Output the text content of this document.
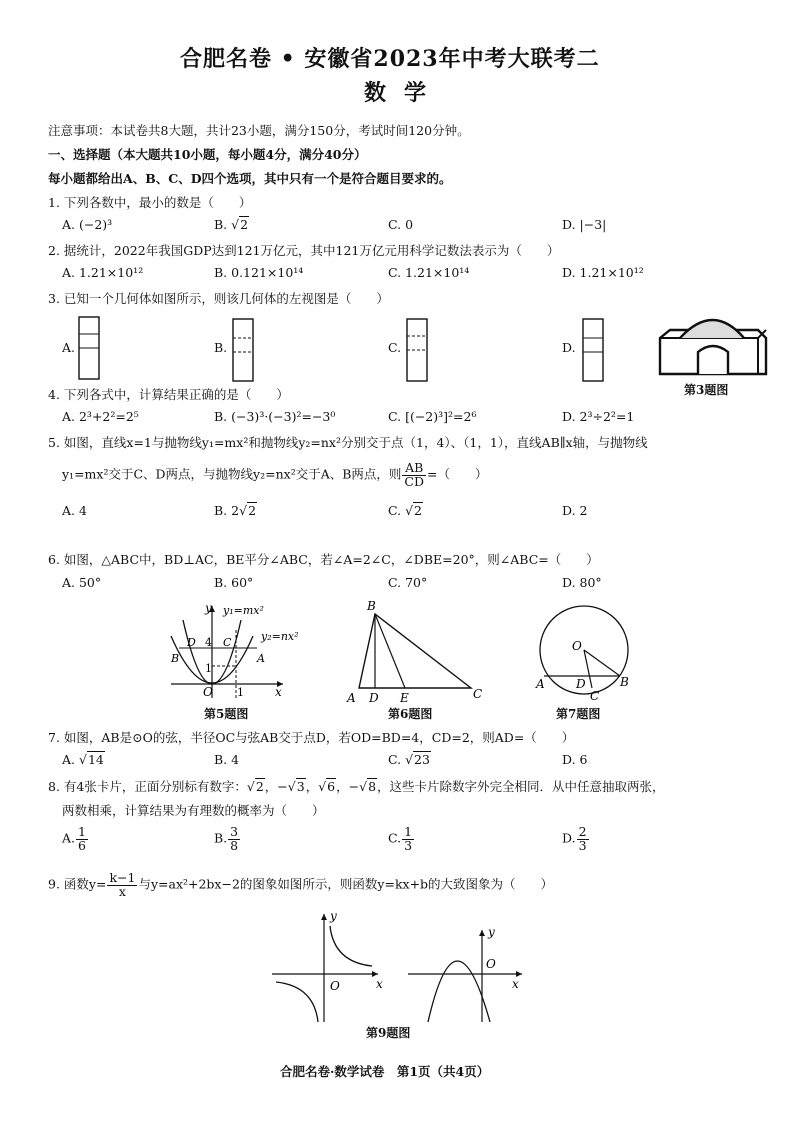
合肥名卷 • 安徽省2023年中考大联考二
数学
注意事项：本试卷共8大题，共计23小题，满分150分，考试时间120分钟。
一、选择题（本大题共10小题，每小题4分，满分40分）
每小题都给出A、B、C、D四个选项，其中只有一个是符合题目要求的。
1. 下列各数中，最小的数是（　　）
A. (−2)³	B. √2	C. 0	D. |−3|
2. 据统计，2022年我国GDP达到121万亿元，其中121万亿元用科学记数法表示为（　　）
A. 1.21×10¹²	B. 0.121×10¹⁴	C. 1.21×10¹⁴	D. 1.21×10¹²
3. 已知一个几何体如图所示，则该几何体的左视图是（　　）
A.	B.	C.	D.
第3题图
4. 下列各式中，计算结果正确的是（　　）
A. 2³+2²=2⁵	B. (−3)³·(−3)²=−3⁰	C. [(−2)³]²=2⁶	D. 2³÷2²=1
5. 如图，直线x=1与抛物线y₁=mx²和抛物线y₂=nx²分别交于点（1，4）、（1，1），直线AB∥x轴，与抛物线
y₁=mx²交于C、D两点，与抛物线y₂=nx²交于A、B两点，则 $\frac{AB}{CD}$ =（　　）
A. 4	B. 2√2	C. √2	D. 2
6. 如图，△ABC中，BD⊥AC，BE平分∠ABC，若∠A=2∠C，∠DBE=20°，则∠ABC=（　　）
A. 50°	B. 60°	C. 70°	D. 80°
y y₁=mx²
y₂=nx²
x
O
4
1
1
B
D C
A
第5题图
B
A D E	C
第6题图
O
A	D
C
B
第7题图
7. 如图，AB是⊙O的弦，半径OC与弦AB交于点D，若OD=BD=4，CD=2，则AD=（　　）
A. √14	B. 4	C. √23	D. 6
8. 有4张卡片，正面分别标有数字：√2，−√3，√6，−√8，这些卡片除数字外完全相同．从中任意抽取两张，
两数相乘，计算结果为有理数的概率为（　　）
A. $\frac{1}{6}$	B. $\frac{3}{8}$	C. $\frac{1}{3}$	D. $\frac{2}{3}$
9. 函数$y= \frac{k-1}{x}$ 与y=ax²+2bx−2的图象如图所示，则函数y=kx+b的大致图象为（　　）
y
x
O
y
x
O
第9题图
合肥名卷·数学试卷　第1页（共4页）
